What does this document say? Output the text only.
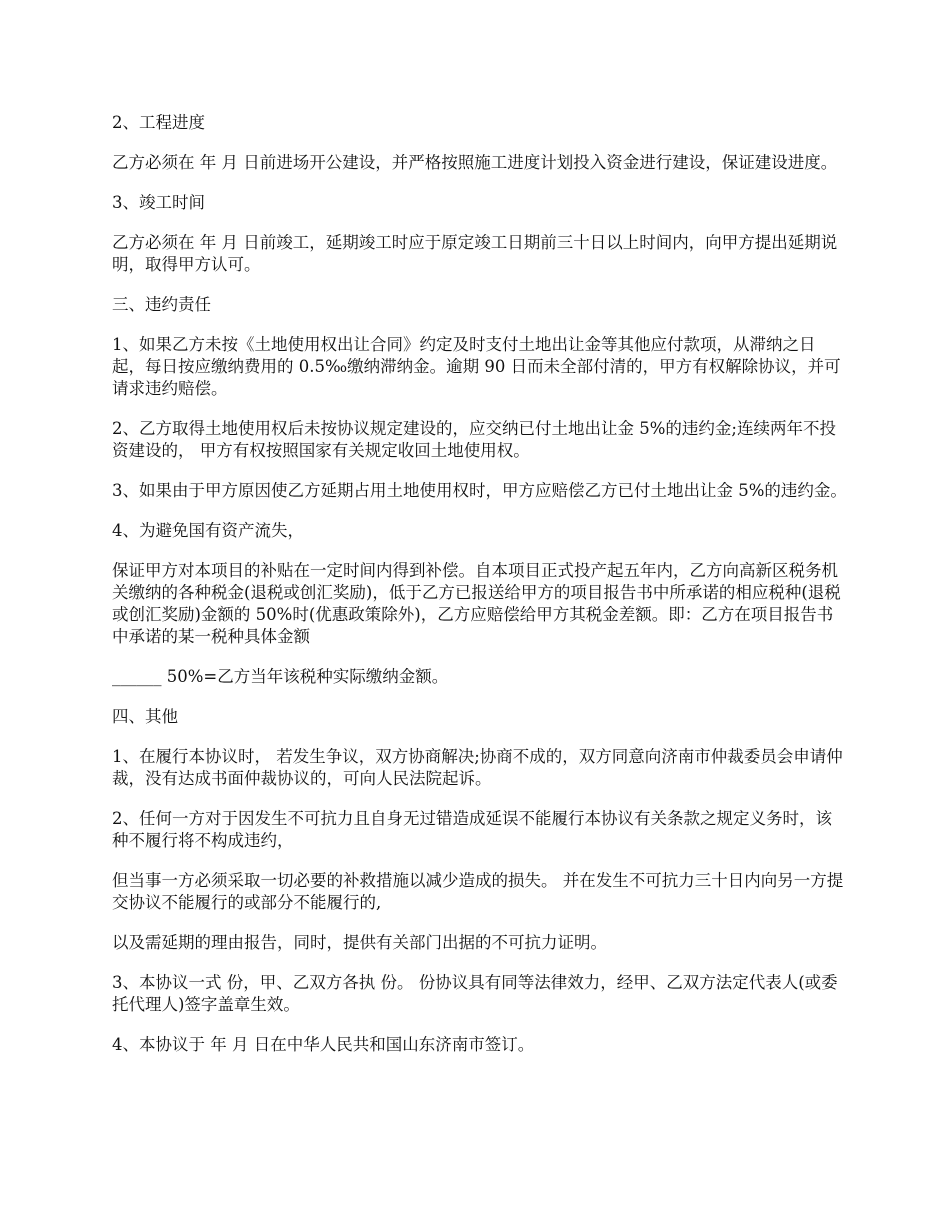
2、工程进度

乙方必须在 年 月 日前进场开公建设，并严格按照施工进度计划投入资金进行建设，保证建设进度。

3、竣工时间

乙方必须在 年 月 日前竣工，延期竣工时应于原定竣工日期前三十日以上时间内，向甲方提出延期说明，取得甲方认可。

三、违约责任

1、如果乙方未按《土地使用权出让合同》约定及时支付土地出让金等其他应付款项，从滞纳之日起，每日按应缴纳费用的 0.5‰缴纳滞纳金。逾期 90 日而未全部付清的，甲方有权解除协议，并可请求违约赔偿。

2、乙方取得土地使用权后未按协议规定建设的，应交纳已付土地出让金 5%的违约金;连续两年不投资建设的， 甲方有权按照国家有关规定收回土地使用权。

3、如果由于甲方原因使乙方延期占用土地使用权时，甲方应赔偿乙方已付土地出让金 5%的违约金。

4、为避免国有资产流失，

保证甲方对本项目的补贴在一定时间内得到补偿。自本项目正式投产起五年内，乙方向高新区税务机关缴纳的各种税金(退税或创汇奖励)，低于乙方已报送给甲方的项目报告书中所承诺的相应税种(退税或创汇奖励)金额的 50%时(优惠政策除外)，乙方应赔偿给甲方其税金差额。即：乙方在项目报告书中承诺的某一税种具体金额

______ 50%=乙方当年该税种实际缴纳金额。

四、其他

1、在履行本协议时， 若发生争议，双方协商解决;协商不成的，双方同意向济南市仲裁委员会申请仲裁，没有达成书面仲裁协议的，可向人民法院起诉。

2、任何一方对于因发生不可抗力且自身无过错造成延误不能履行本协议有关条款之规定义务时，该种不履行将不构成违约，

但当事一方必须采取一切必要的补救措施以减少造成的损失。 并在发生不可抗力三十日内向另一方提交协议不能履行的或部分不能履行的,

以及需延期的理由报告，同时，提供有关部门出据的不可抗力证明。

3、本协议一式 份，甲、乙双方各执 份。 份协议具有同等法律效力，经甲、乙双方法定代表人(或委托代理人)签字盖章生效。

4、本协议于 年 月 日在中华人民共和国山东济南市签订。
